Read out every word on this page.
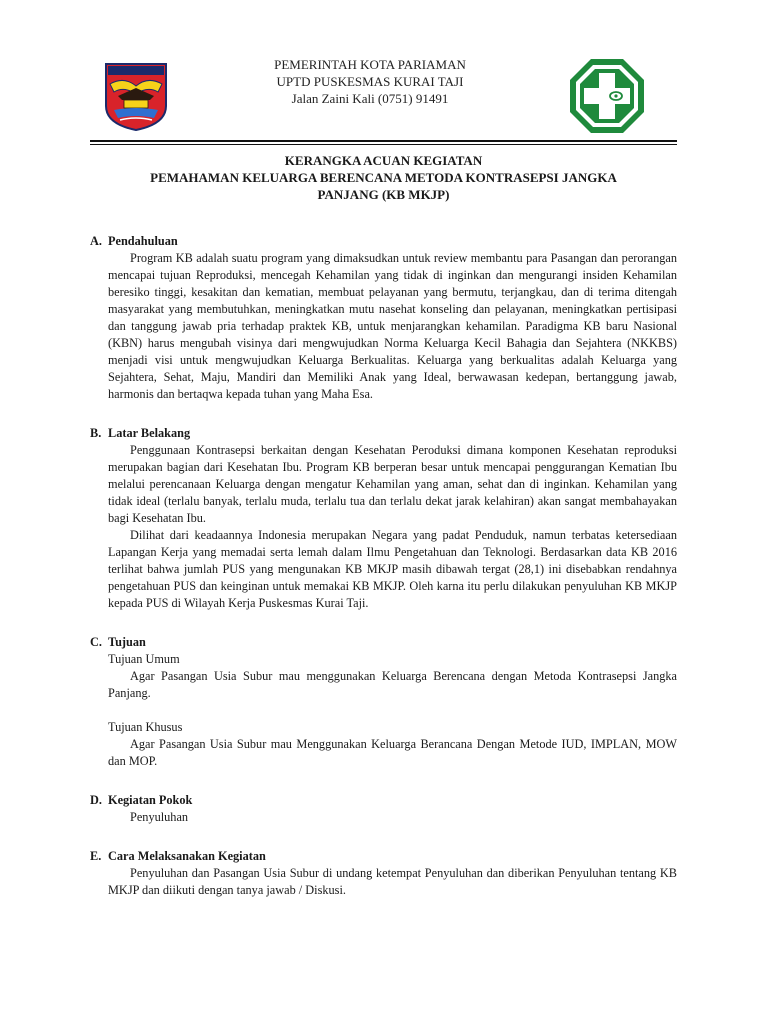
PEMERINTAH KOTA PARIAMAN
UPTD PUSKESMAS KURAI TAJI
Jalan Zaini Kali (0751) 91491
KERANGKA ACUAN KEGIATAN
PEMAHAMAN KELUARGA BERENCANA METODA KONTRASEPSI JANGKA
PANJANG (KB MKJP)
A. Pendahuluan

Program KB adalah suatu program yang dimaksudkan untuk review membantu para Pasangan dan perorangan mencapai tujuan Reproduksi, mencegah Kehamilan yang tidak di inginkan dan mengurangi insiden Kehamilan beresiko tinggi, kesakitan dan kematian, membuat pelayanan yang bermutu, terjangkau, dan di terima ditengah masyarakat yang membutuhkan, meningkatkan mutu nasehat konseling dan pelayanan, meningkatkan pertisipasi dan tanggung jawab pria terhadap praktek KB, untuk menjarangkan kehamilan. Paradigma KB baru Nasional (KBN) harus mengubah visinya dari mengwujudkan Norma Keluarga Kecil Bahagia dan Sejahtera (NKKBS) menjadi visi untuk mengwujudkan Keluarga Berkualitas. Keluarga yang berkualitas adalah Keluarga yang Sejahtera, Sehat, Maju, Mandiri dan Memiliki Anak yang Ideal, berwawasan kedepan, bertanggung jawab, harmonis dan bertaqwa kepada tuhan yang Maha Esa.

B. Latar Belakang

Penggunaan Kontrasepsi berkaitan dengan Kesehatan Peroduksi dimana komponen Kesehatan reproduksi merupakan bagian dari Kesehatan Ibu. Program KB berperan besar untuk mencapai penggurangan Kematian Ibu melalui perencanaan Keluarga dengan mengatur Kehamilan yang aman, sehat dan di inginkan. Kehamilan yang tidak ideal (terlalu banyak, terlalu muda, terlalu tua dan terlalu dekat jarak kelahiran) akan sangat membahayakan bagi Kesehatan Ibu.

Dilihat dari keadaannya Indonesia merupakan Negara yang padat Penduduk, namun terbatas ketersediaan Lapangan Kerja yang memadai serta lemah dalam Ilmu Pengetahuan dan Teknologi. Berdasarkan data KB 2016 terlihat bahwa jumlah PUS yang mengunakan KB MKJP masih dibawah tergat (28,1) ini disebabkan rendahnya pengetahuan PUS dan keinginan untuk memakai KB MKJP. Oleh karna itu perlu dilakukan penyuluhan KB MKJP kepada PUS di Wilayah Kerja Puskesmas Kurai Taji.

C. Tujuan
Tujuan Umum

Agar Pasangan Usia Subur mau menggunakan Keluarga Berencana dengan Metoda Kontrasepsi Jangka Panjang.

Tujuan Khusus

Agar Pasangan Usia Subur mau Menggunakan Keluarga Berancana Dengan Metode IUD, IMPLAN, MOW dan MOP.

D. Kegiatan Pokok

Penyuluhan

E. Cara Melaksanakan Kegiatan

Penyuluhan dan Pasangan Usia Subur di undang ketempat Penyuluhan dan diberikan Penyuluhan tentang KB MKJP dan diikuti dengan tanya jawab / Diskusi.
